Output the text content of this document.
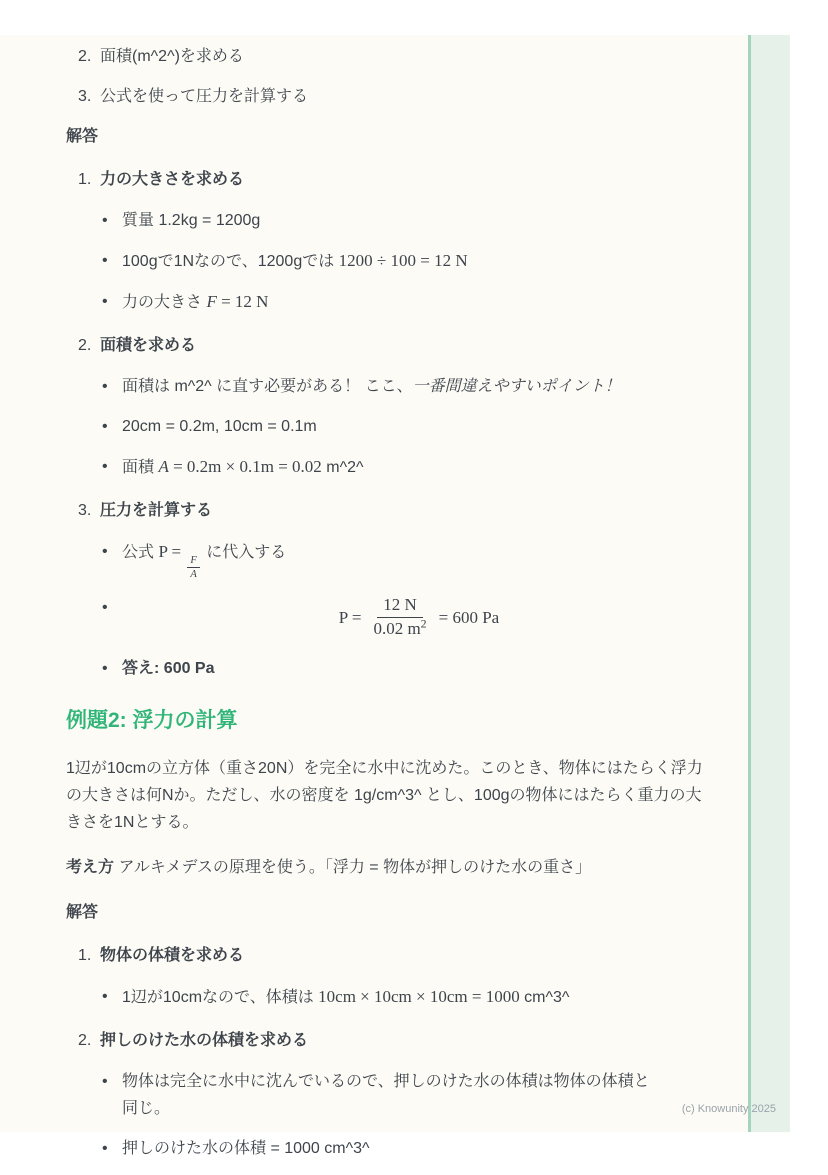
2. 面積(m^2^)を求める
3. 公式を使って圧力を計算する
解答
1. 力の大きさを求める
• 質量 1.2kg = 1200g
• 100gで1Nなので、1200gでは 1200 ÷ 100 = 12 N
• 力の大きさ F = 12 N
2. 面積を求める
• 面積は m^2^ に直す必要がある！ ここ、一番間違えやすいポイント！
• 20cm = 0.2m, 10cm = 0.1m
• 面積 A = 0.2m × 0.1m = 0.02 m^2^
3. 圧力を計算する
• 公式 P =
$\frac{F}{A}$
に代入する
•
$P = \frac{12 N}{0.02 m^2} = 600$ Pa
• 答え: 600 Pa
例題2: 浮力の計算

1辺が10cmの立方体（重さ20N）を完全に水中に沈めた。このとき、物体にはたらく浮力の大きさは何Nか。ただし、水の密度を 1g/cm^3^ とし、100gの物体にはたらく重力の大きさを1Nとする。

考え方 アルキメデスの原理を使う。「浮力 = 物体が押しのけた水の重さ」

解答
1. 物体の体積を求める
• 1辺が10cmなので、体積は 10cm × 10cm × 10cm = 1000 cm^3^
2. 押しのけた水の体積を求める
• 物体は完全に水中に沈んでいるので、押しのけた水の体積は物体の体積と同じ。
• 押しのけた水の体積 = 1000 cm^3^
(c) Knowunity 2025
